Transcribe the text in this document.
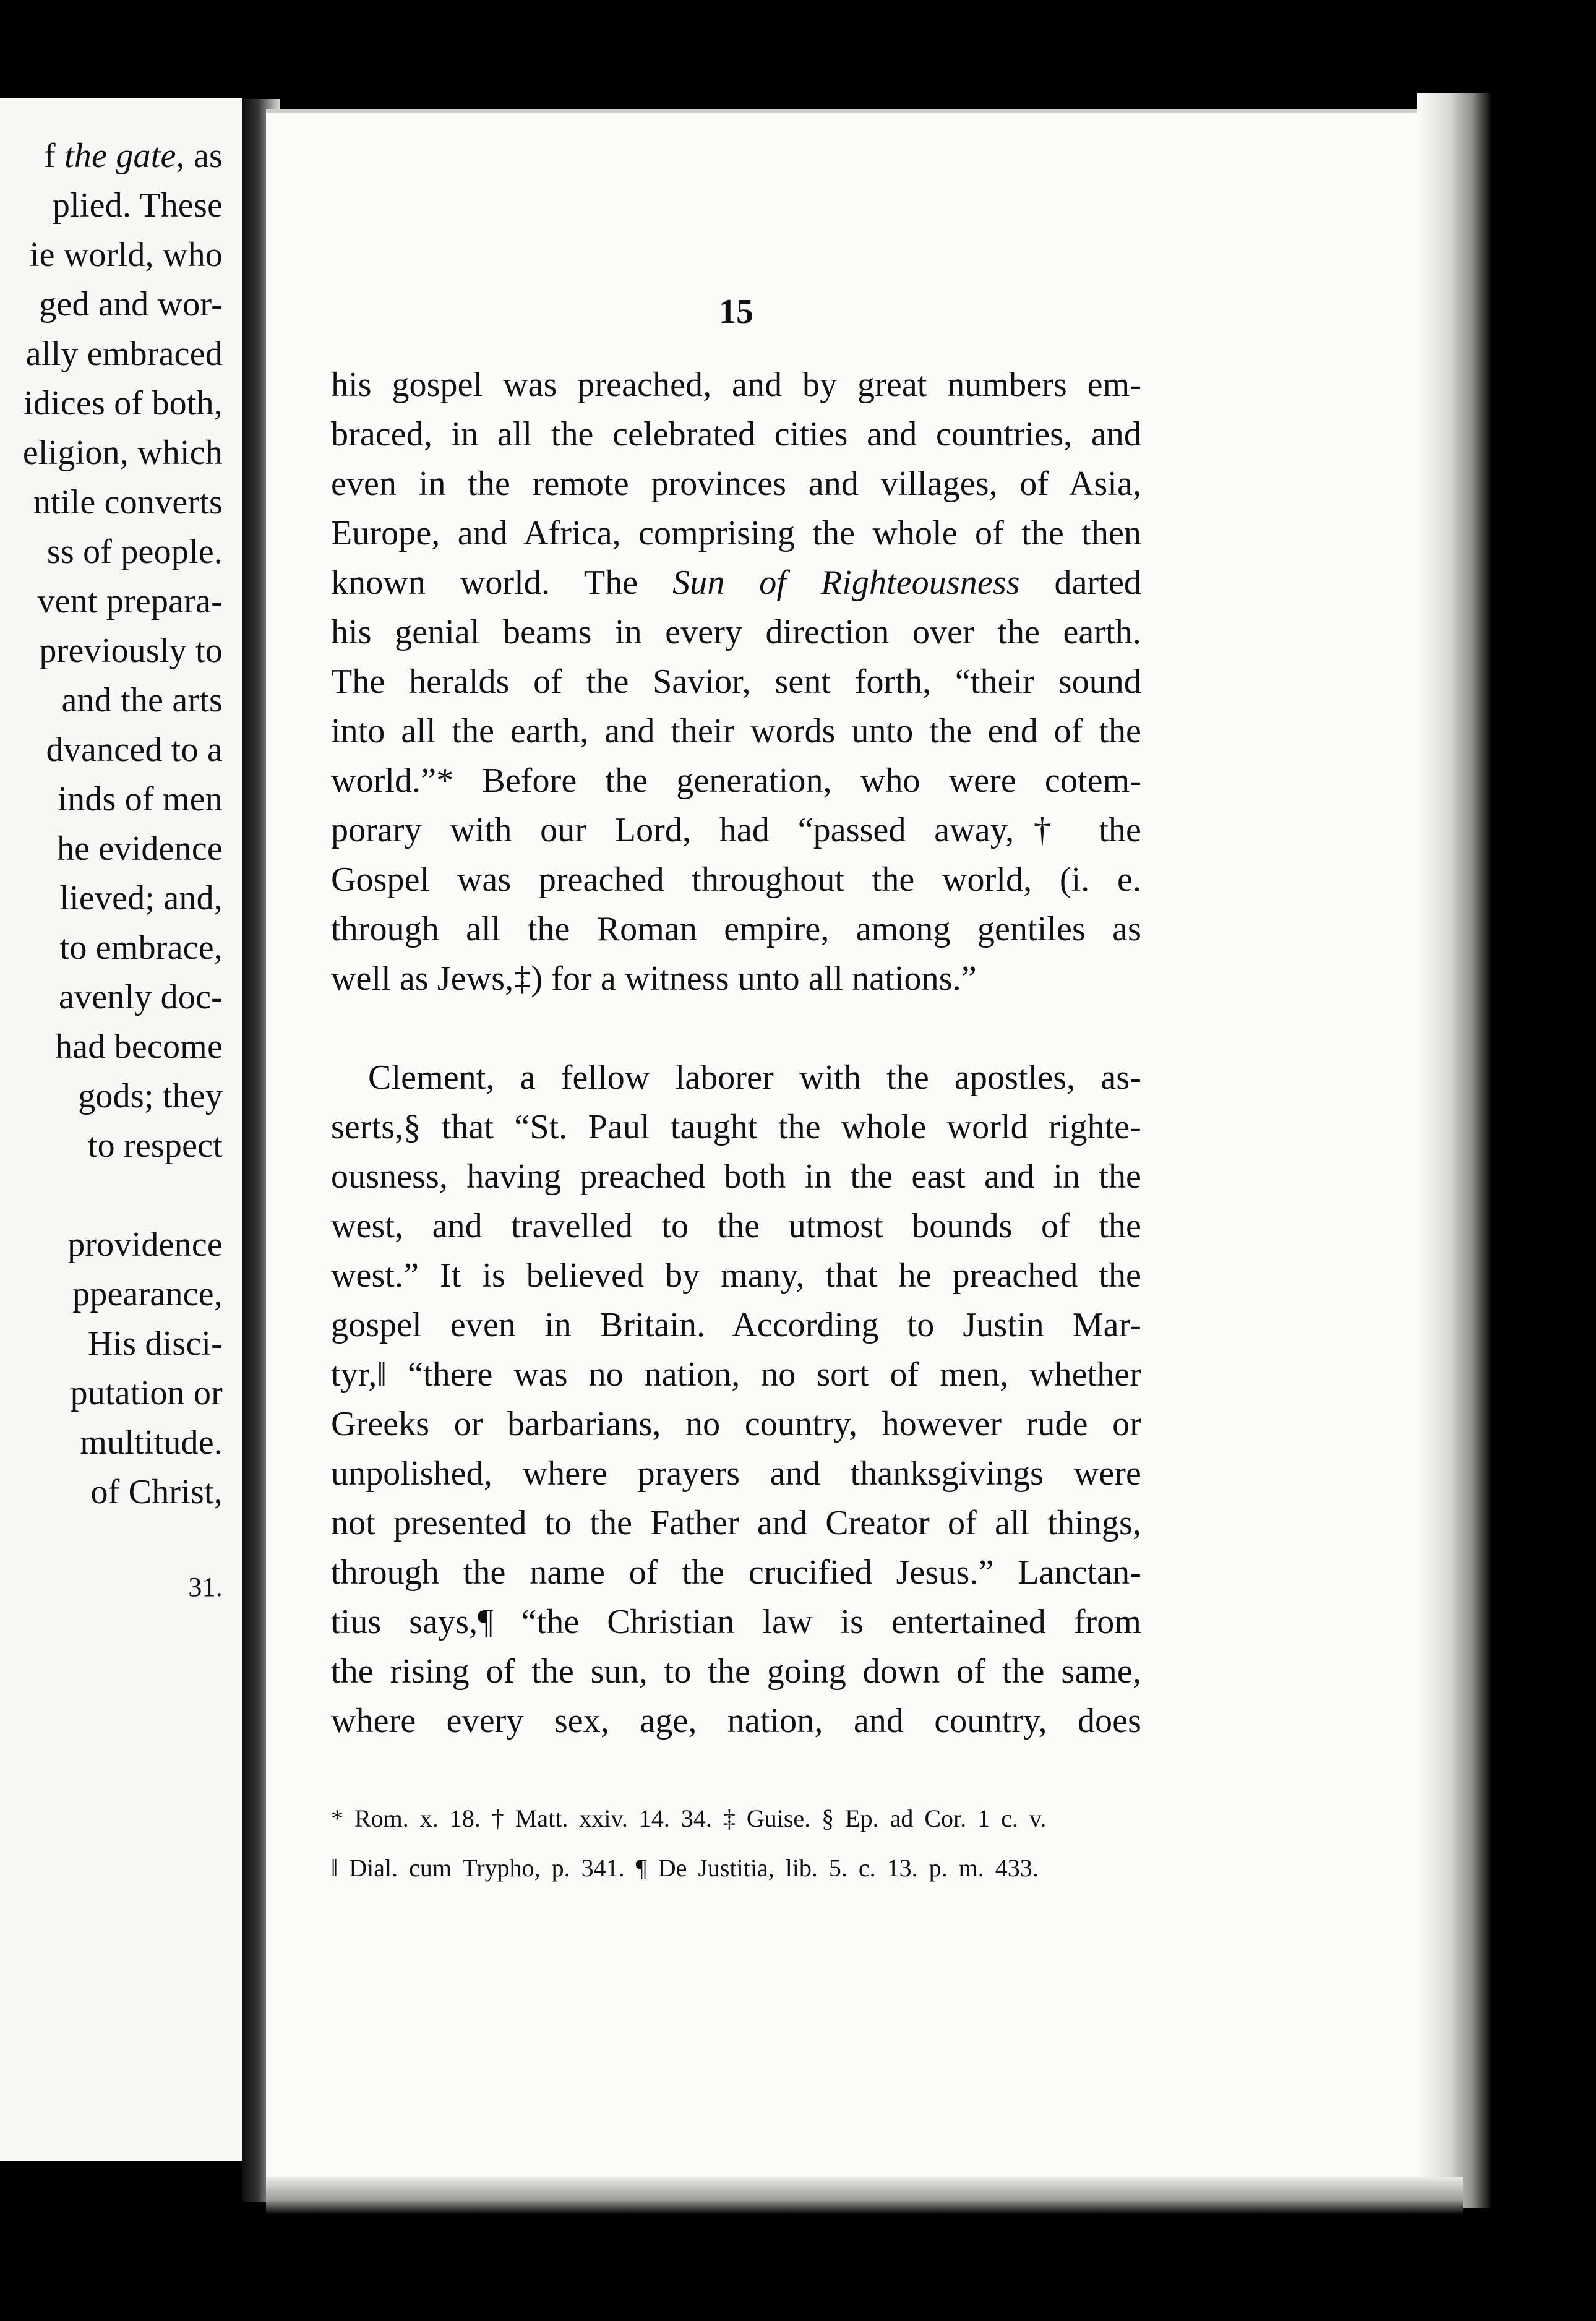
f the gate, as
plied. These
ie world, who
ged and wor-
ally embraced
idices of both,
eligion, which
ntile converts
ss of people.
vent prepara-
previously to
and the arts
dvanced to a
inds of men
he evidence
lieved; and,
to embrace,
avenly doc-
had become
gods; they
to respect
providence
ppearance,
His disci-
putation or
multitude.
of Christ,
31.
15
his gospel was preached, and by great numbers em-
braced, in all the celebrated cities and countries, and
even in the remote provinces and villages, of Asia,
Europe, and Africa, comprising the whole of the then
known world. The Sun of Righteousness darted
his genial beams in every direction over the earth.
The heralds of the Savior, sent forth, “their sound
into all the earth, and their words unto the end of the
world.”* Before the generation, who were cotem-
porary with our Lord, had “passed away,† the
Gospel was preached throughout the world, (i. e.
through all the Roman empire, among gentiles as
well as Jews,‡) for a witness unto all nations.”
Clement, a fellow laborer with the apostles, as-
serts,§ that “St. Paul taught the whole world righte-
ousness, having preached both in the east and in the
west, and travelled to the utmost bounds of the
west.” It is believed by many, that he preached the
gospel even in Britain. According to Justin Mar-
tyr,‖ “there was no nation, no sort of men, whether
Greeks or barbarians, no country, however rude or
unpolished, where prayers and thanksgivings were
not presented to the Father and Creator of all things,
through the name of the crucified Jesus.” Lanctan-
tius says,¶ “the Christian law is entertained from
the rising of the sun, to the going down of the same,
where every sex, age, nation, and country, does
* Rom. x. 18. † Matt. xxiv. 14. 34. ‡ Guise. § Ep. ad Cor. 1 c. v.
‖ Dial. cum Trypho, p. 341. ¶ De Justitia, lib. 5. c. 13. p. m. 433.
